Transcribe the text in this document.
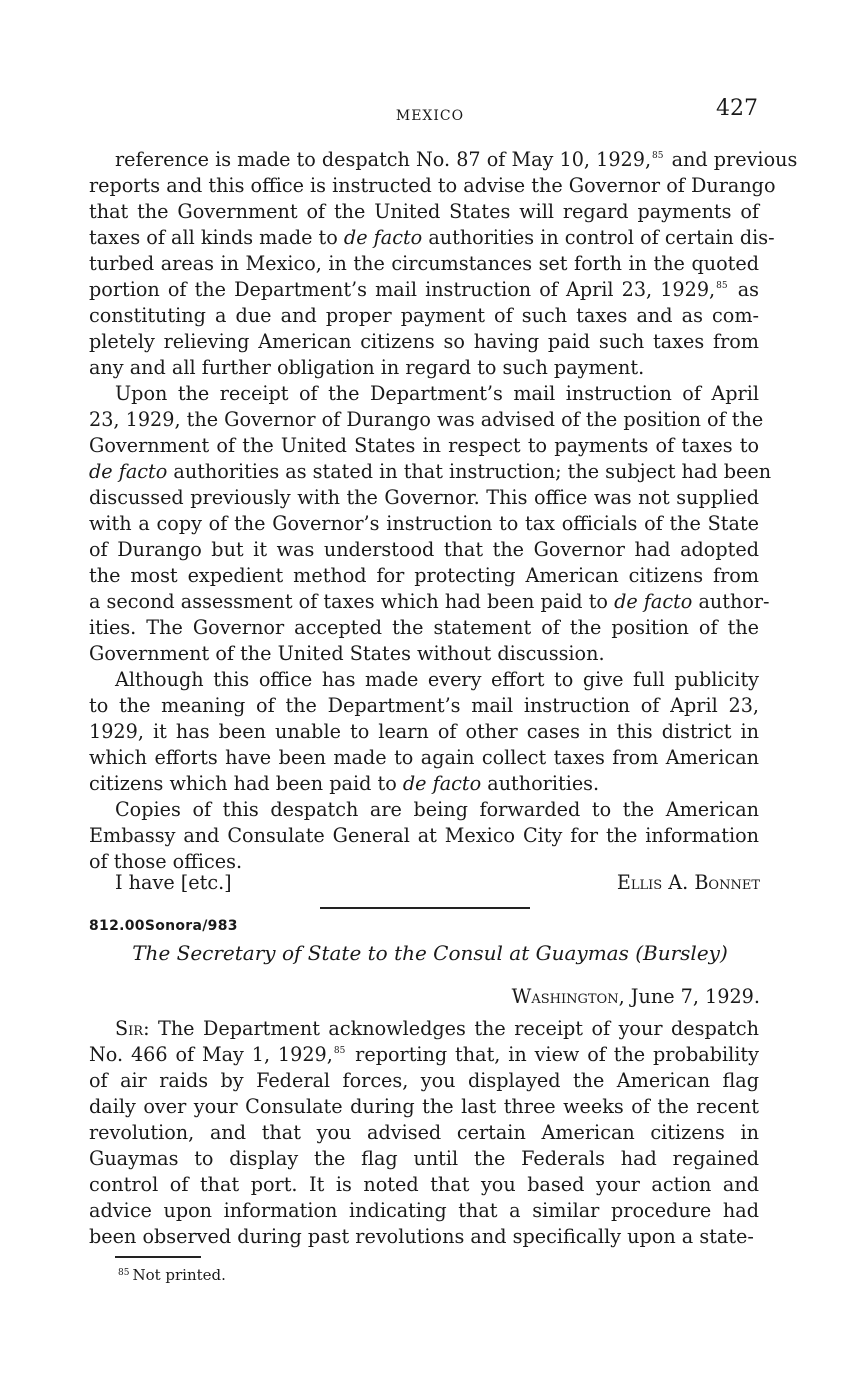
MEXICO	427
reference is made to despatch No. 87 of May 10, 1929,85 and previous
reports and this office is instructed to advise the Governor of Durango
that the Government of the United States will regard payments of
taxes of all kinds made to de facto authorities in control of certain dis-
turbed areas in Mexico, in the circumstances set forth in the quoted
portion of the Department’s mail instruction of April 23, 1929,85 as
constituting a due and proper payment of such taxes and as com-
pletely relieving American citizens so having paid such taxes from
any and all further obligation in regard to such payment.
Upon the receipt of the Department’s mail instruction of April
23, 1929, the Governor of Durango was advised of the position of the
Government of the United States in respect to payments of taxes to
de facto authorities as stated in that instruction; the subject had been
discussed previously with the Governor. This office was not supplied
with a copy of the Governor’s instruction to tax officials of the State
of Durango but it was understood that the Governor had adopted
the most expedient method for protecting American citizens from
a second assessment of taxes which had been paid to de facto author-
ities. The Governor accepted the statement of the position of the
Government of the United States without discussion.
Although this office has made every effort to give full publicity
to the meaning of the Department’s mail instruction of April 23,
1929, it has been unable to learn of other cases in this district in
which efforts have been made to again collect taxes from American
citizens which had been paid to de facto authorities.
Copies of this despatch are being forwarded to the American
Embassy and Consulate General at Mexico City for the information
of those offices.
Sir: The Department acknowledges the receipt of your despatch
No. 466 of May 1, 1929,85 reporting that, in view of the probability
of air raids by Federal forces, you displayed the American flag
daily over your Consulate during the last three weeks of the recent
revolution, and that you advised certain American citizens in
Guaymas to display the flag until the Federals had regained
control of that port. It is noted that you based your action and
advice upon information indicating that a similar procedure had
been observed during past revolutions and specifically upon a state-
I have [etc.]	Ellis A. Bonnet
812.00Sonora/983
The Secretary of State to the Consul at Guaymas (Bursley)
Washington, June 7, 1929.
$^{85}$ Not printed.
